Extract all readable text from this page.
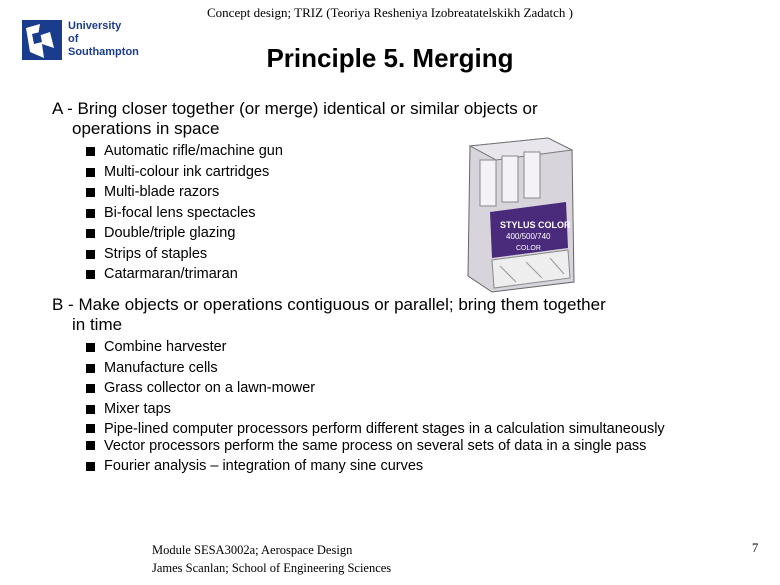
Concept design; TRIZ (Teoriya Resheniya Izobreatatelskikh Zadatch )
University
of Southampton	Principle 5. Merging
A - Bring closer together (or merge) identical or similar objects or
operations in space
Automatic rifle/machine gun
Multi-colour ink cartridges
Multi-blade razors
Bi-focal lens spectacles
Double/triple glazing
Strips of staples
Catarmaran/trimaran
STYLUS COLOR
400/500/740
COLOR
B - Make objects or operations contiguous or parallel; bring them together
in time
Combine harvester
Manufacture cells
Grass collector on a lawn-mower
Mixer taps
Pipe-lined computer processors perform different stages in a calculation simultaneously
Vector processors perform the same process on several sets of data in a single pass
Fourier analysis – integration of many sine curves
Module SESA3002a; Aerospace Design
James Scanlan; School of Engineering Sciences
7
